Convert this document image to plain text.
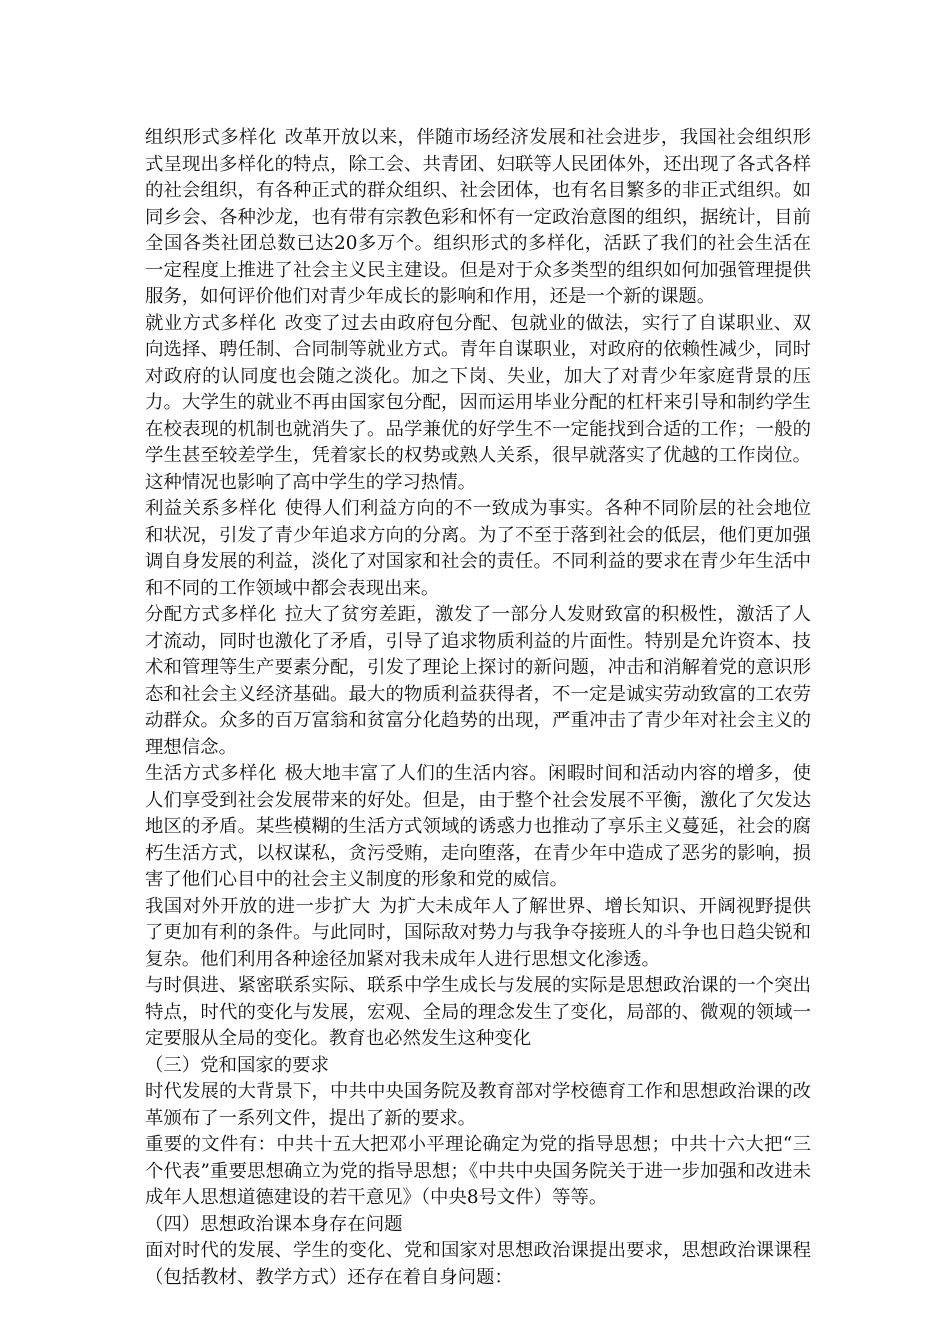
组织形式多样化 改革开放以来，伴随市场经济发展和社会进步，我国社会组织形式呈现出多样化的特点，除工会、共青团、妇联等人民团体外，还出现了各式各样的社会组织，有各种正式的群众组织、社会团体，也有名目繁多的非正式组织。如同乡会、各种沙龙，也有带有宗教色彩和怀有一定政治意图的组织，据统计，目前全国各类社团总数已达20多万个。组织形式的多样化，活跃了我们的社会生活在一定程度上推进了社会主义民主建设。但是对于众多类型的组织如何加强管理提供服务，如何评价他们对青少年成长的影响和作用，还是一个新的课题。

就业方式多样化 改变了过去由政府包分配、包就业的做法，实行了自谋职业、双向选择、聘任制、合同制等就业方式。青年自谋职业，对政府的依赖性减少，同时对政府的认同度也会随之淡化。加之下岗、失业，加大了对青少年家庭背景的压力。大学生的就业不再由国家包分配，因而运用毕业分配的杠杆来引导和制约学生在校表现的机制也就消失了。品学兼优的好学生不一定能找到合适的工作；一般的学生甚至较差学生，凭着家长的权势或熟人关系，很早就落实了优越的工作岗位。这种情况也影响了高中学生的学习热情。

利益关系多样化 使得人们利益方向的不一致成为事实。各种不同阶层的社会地位和状况，引发了青少年追求方向的分离。为了不至于落到社会的低层，他们更加强调自身发展的利益，淡化了对国家和社会的责任。不同利益的要求在青少年生活中和不同的工作领域中都会表现出来。

分配方式多样化 拉大了贫穷差距，激发了一部分人发财致富的积极性，激活了人才流动，同时也激化了矛盾，引导了追求物质利益的片面性。特别是允许资本、技术和管理等生产要素分配，引发了理论上探讨的新问题，冲击和消解着党的意识形态和社会主义经济基础。最大的物质利益获得者，不一定是诚实劳动致富的工农劳动群众。众多的百万富翁和贫富分化趋势的出现，严重冲击了青少年对社会主义的理想信念。

生活方式多样化 极大地丰富了人们的生活内容。闲暇时间和活动内容的增多，使人们享受到社会发展带来的好处。但是，由于整个社会发展不平衡，激化了欠发达地区的矛盾。某些模糊的生活方式领域的诱惑力也推动了享乐主义蔓延，社会的腐朽生活方式，以权谋私，贪污受贿，走向堕落，在青少年中造成了恶劣的影响，损害了他们心目中的社会主义制度的形象和党的威信。

我国对外开放的进一步扩大 为扩大未成年人了解世界、增长知识、开阔视野提供了更加有利的条件。与此同时，国际敌对势力与我争夺接班人的斗争也日趋尖锐和复杂。他们利用各种途径加紧对我未成年人进行思想文化渗透。

与时俱进、紧密联系实际、联系中学生成长与发展的实际是思想政治课的一个突出特点，时代的变化与发展，宏观、全局的理念发生了变化，局部的、微观的领域一定要服从全局的变化。教育也必然发生这种变化

（三）党和国家的要求

时代发展的大背景下，中共中央国务院及教育部对学校德育工作和思想政治课的改革颁布了一系列文件，提出了新的要求。

重要的文件有：中共十五大把邓小平理论确定为党的指导思想；中共十六大把“三个代表”重要思想确立为党的指导思想；《中共中央国务院关于进一步加强和改进未成年人思想道德建设的若干意见》（中央8号文件）等等。

（四）思想政治课本身存在问题

面对时代的发展、学生的变化、党和国家对思想政治课提出要求，思想政治课课程（包括教材、教学方式）还存在着自身问题：
